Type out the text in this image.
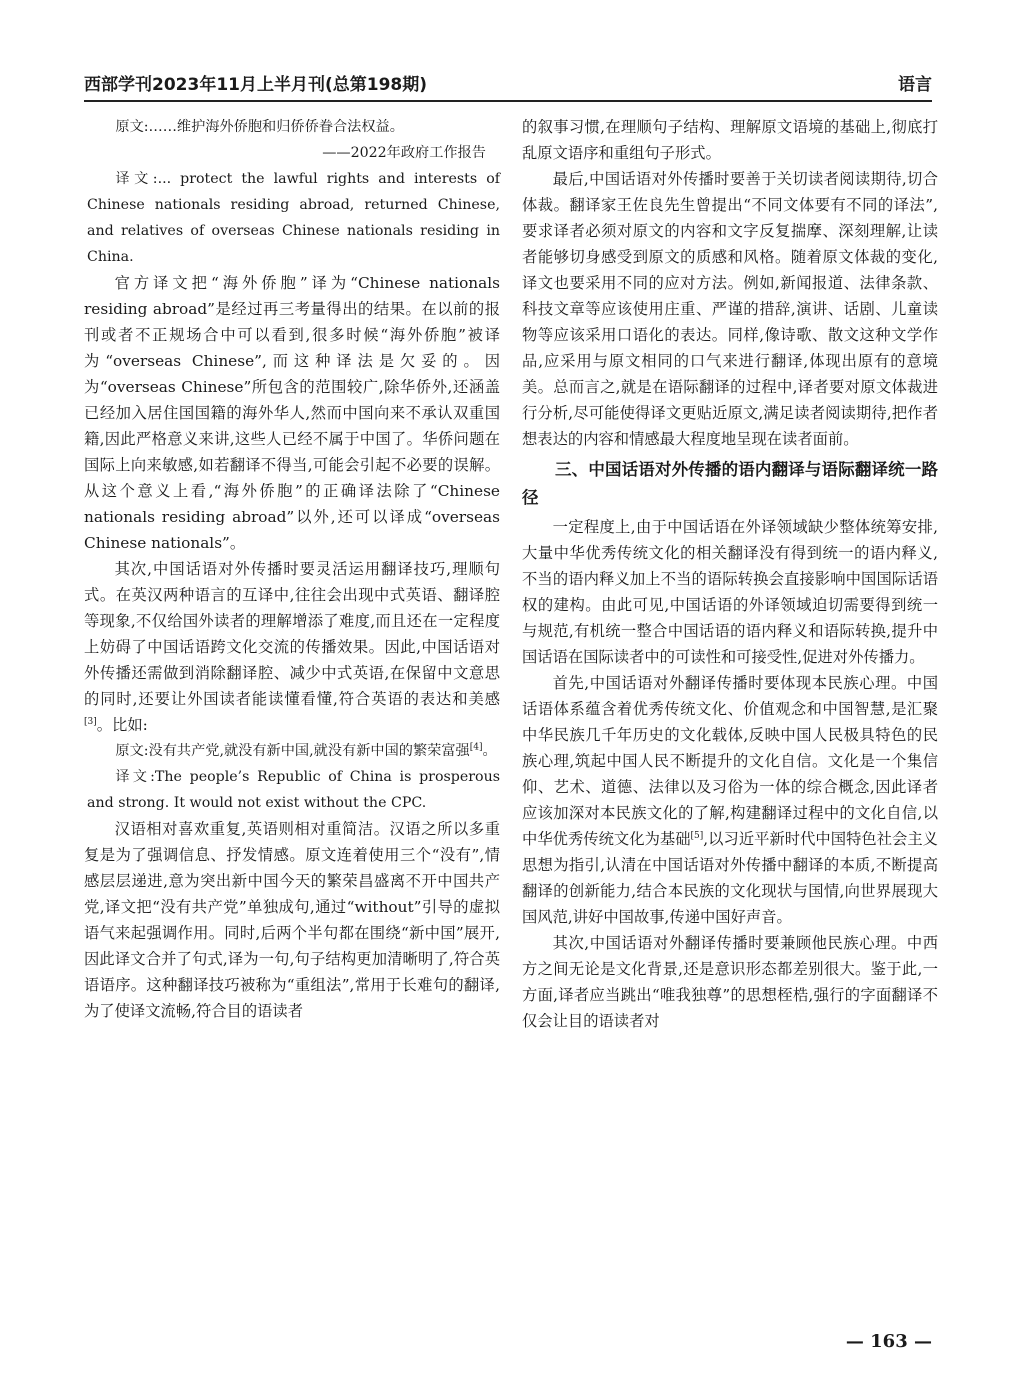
西部学刊2023年11月上半月刊(总第198期)	语言

原文:……维护海外侨胞和归侨侨眷合法权益。

——2022年政府工作报告

译文:... protect the lawful rights and interests of Chinese nationals residing abroad, returned Chinese, and relatives of overseas Chinese nationals residing in China.

官方译文把“海外侨胞”译为“Chinese nationals residing abroad”是经过再三考量得出的结果。在以前的报刊或者不正规场合中可以看到,很多时候“海外侨胞”被译为“overseas Chinese”,而这种译法是欠妥的。因为“overseas Chinese”所包含的范围较广,除华侨外,还涵盖已经加入居住国国籍的海外华人,然而中国向来不承认双重国籍,因此严格意义来讲,这些人已经不属于中国了。华侨问题在国际上向来敏感,如若翻译不得当,可能会引起不必要的误解。从这个意义上看,“海外侨胞”的正确译法除了“Chinese nationals residing abroad”以外,还可以译成“overseas Chinese nationals”。

其次,中国话语对外传播时要灵活运用翻译技巧,理顺句式。在英汉两种语言的互译中,往往会出现中式英语、翻译腔等现象,不仅给国外读者的理解增添了难度,而且还在一定程度上妨碍了中国话语跨文化交流的传播效果。因此,中国话语对外传播还需做到消除翻译腔、减少中式英语,在保留中文意思的同时,还要让外国读者能读懂看懂,符合英语的表达和美感[3]。比如:

原文:没有共产党,就没有新中国,就没有新中国的繁荣富强[4]。

译文:The people’s Republic of China is prosperous and strong. It would not exist without the CPC.

汉语相对喜欢重复,英语则相对重简洁。汉语之所以多重复是为了强调信息、抒发情感。原文连着使用三个“没有”,情感层层递进,意为突出新中国今天的繁荣昌盛离不开中国共产党,译文把“没有共产党”单独成句,通过“without”引导的虚拟语气来起强调作用。同时,后两个半句都在围绕“新中国”展开,因此译文合并了句式,译为一句,句子结构更加清晰明了,符合英语语序。这种翻译技巧被称为“重组法”,常用于长难句的翻译,为了使译文流畅,符合目的语读者

的叙事习惯,在理顺句子结构、理解原文语境的基础上,彻底打乱原文语序和重组句子形式。

最后,中国话语对外传播时要善于关切读者阅读期待,切合体裁。翻译家王佐良先生曾提出“不同文体要有不同的译法”,要求译者必须对原文的内容和文字反复揣摩、深刻理解,让读者能够切身感受到原文的质感和风格。随着原文体裁的变化,译文也要采用不同的应对方法。例如,新闻报道、法律条款、科技文章等应该使用庄重、严谨的措辞,演讲、话剧、儿童读物等应该采用口语化的表达。同样,像诗歌、散文这种文学作品,应采用与原文相同的口气来进行翻译,体现出原有的意境美。总而言之,就是在语际翻译的过程中,译者要对原文体裁进行分析,尽可能使得译文更贴近原文,满足读者阅读期待,把作者想表达的内容和情感最大程度地呈现在读者面前。

三、中国话语对外传播的语内翻译与语际翻译统一路径

一定程度上,由于中国话语在外译领域缺少整体统筹安排,大量中华优秀传统文化的相关翻译没有得到统一的语内释义,不当的语内释义加上不当的语际转换会直接影响中国国际话语权的建构。由此可见,中国话语的外译领域迫切需要得到统一与规范,有机统一整合中国话语的语内释义和语际转换,提升中国话语在国际读者中的可读性和可接受性,促进对外传播力。

首先,中国话语对外翻译传播时要体现本民族心理。中国话语体系蕴含着优秀传统文化、价值观念和中国智慧,是汇聚中华民族几千年历史的文化载体,反映中国人民极具特色的民族心理,筑起中国人民不断提升的文化自信。文化是一个集信仰、艺术、道德、法律以及习俗为一体的综合概念,因此译者应该加深对本民族文化的了解,构建翻译过程中的文化自信,以中华优秀传统文化为基础[5],以习近平新时代中国特色社会主义思想为指引,认清在中国话语对外传播中翻译的本质,不断提高翻译的创新能力,结合本民族的文化现状与国情,向世界展现大国风范,讲好中国故事,传递中国好声音。

其次,中国话语对外翻译传播时要兼顾他民族心理。中西方之间无论是文化背景,还是意识形态都差别很大。鉴于此,一方面,译者应当跳出“唯我独尊”的思想桎梏,强行的字面翻译不仅会让目的语读者对

— 163 —
